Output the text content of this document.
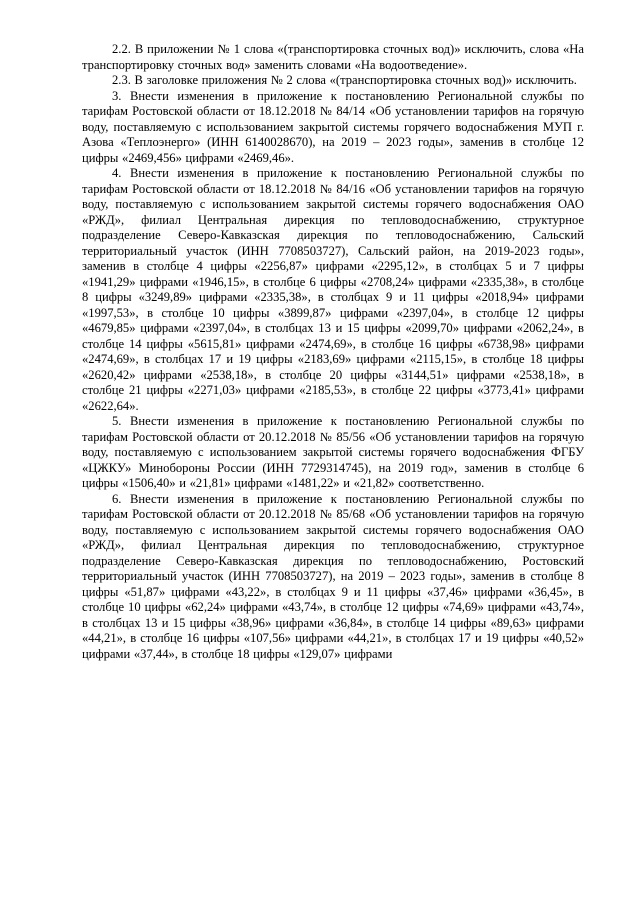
2.2. В приложении № 1 слова «(транспортировка сточных вод)» исключить, слова «На транспортировку сточных вод» заменить словами «На водоотведение».

2.3. В заголовке приложения № 2 слова «(транспортировка сточных вод)» исключить.

3. Внести изменения в приложение к постановлению Региональной службы по тарифам Ростовской области от 18.12.2018 № 84/14 «Об установлении тарифов на горячую воду, поставляемую с использованием закрытой системы горячего водоснабжения МУП г. Азова «Теплоэнерго» (ИНН 6140028670), на 2019 – 2023 годы», заменив в столбце 12 цифры «2469,456» цифрами «2469,46».

4. Внести изменения в приложение к постановлению Региональной службы по тарифам Ростовской области от 18.12.2018 № 84/16 «Об установлении тарифов на горячую воду, поставляемую с использованием закрытой системы горячего водоснабжения ОАО «РЖД», филиал Центральная дирекция по тепловодоснабжению, структурное подразделение Северо-Кавказская дирекция по тепловодоснабжению, Сальский территориальный участок (ИНН 7708503727), Сальский район, на 2019-2023 годы», заменив в столбце 4 цифры «2256,87» цифрами «2295,12», в столбцах 5 и 7 цифры «1941,29» цифрами «1946,15», в столбце 6 цифры «2708,24» цифрами «2335,38», в столбце 8 цифры «3249,89» цифрами «2335,38», в столбцах 9 и 11 цифры «2018,94» цифрами «1997,53», в столбце 10 цифры «3899,87» цифрами «2397,04», в столбце 12 цифры «4679,85» цифрами «2397,04», в столбцах 13 и 15 цифры «2099,70» цифрами «2062,24», в столбце 14 цифры «5615,81» цифрами «2474,69», в столбце 16 цифры «6738,98» цифрами «2474,69», в столбцах 17 и 19 цифры «2183,69» цифрами «2115,15», в столбце 18 цифры «2620,42» цифрами «2538,18», в столбце 20 цифры «3144,51» цифрами «2538,18», в столбце 21 цифры «2271,03» цифрами «2185,53», в столбце 22 цифры «3773,41» цифрами «2622,64».

5. Внести изменения в приложение к постановлению Региональной службы по тарифам Ростовской области от 20.12.2018 № 85/56 «Об установлении тарифов на горячую воду, поставляемую с использованием закрытой системы горячего водоснабжения ФГБУ «ЦЖКУ» Минобороны России (ИНН 7729314745), на 2019 год», заменив в столбце 6 цифры «1506,40» и «21,81» цифрами «1481,22» и «21,82» соответственно.

6. Внести изменения в приложение к постановлению Региональной службы по тарифам Ростовской области от 20.12.2018 № 85/68 «Об установлении тарифов на горячую воду, поставляемую с использованием закрытой системы горячего водоснабжения ОАО «РЖД», филиал Центральная дирекция по тепловодоснабжению, структурное подразделение Северо-Кавказская дирекция по тепловодоснабжению, Ростовский территориальный участок (ИНН 7708503727), на 2019 – 2023 годы», заменив в столбце 8 цифры «51,87» цифрами «43,22», в столбцах 9 и 11 цифры «37,46» цифрами «36,45», в столбце 10 цифры «62,24» цифрами «43,74», в столбце 12 цифры «74,69» цифрами «43,74», в столбцах 13 и 15 цифры «38,96» цифрами «36,84», в столбце 14 цифры «89,63» цифрами «44,21», в столбце 16 цифры «107,56» цифрами «44,21», в столбцах 17 и 19 цифры «40,52» цифрами «37,44», в столбце 18 цифры «129,07» цифрами
